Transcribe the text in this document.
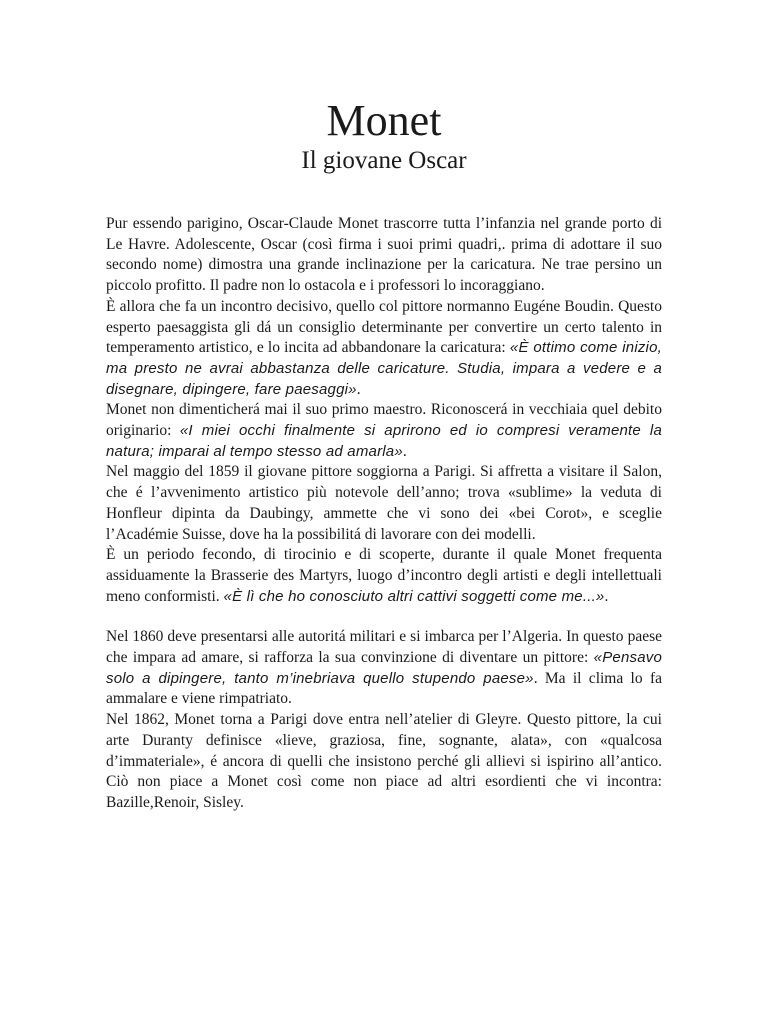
Monet
Il giovane Oscar

Pur essendo parigino, Oscar-Claude Monet trascorre tutta l’infanzia nel grande porto di Le Havre. Adolescente, Oscar (così firma i suoi primi quadri,. prima di adottare il suo secondo nome) dimostra una grande inclinazione per la caricatura. Ne trae persino un piccolo profitto. Il padre non lo ostacola e i professori lo incoraggiano.

È allora che fa un incontro decisivo, quello col pittore normanno Eugéne Boudin. Questo esperto paesaggista gli dá un consiglio determinante per convertire un certo talento in temperamento artistico, e lo incita ad abbandonare la caricatura: «È ottimo come inizio, ma presto ne avrai abbastanza delle caricature. Studia, impara a vedere e a disegnare, dipingere, fare paesaggi».

Monet non dimenticherá mai il suo primo maestro. Riconoscerá in vecchiaia quel debito originario: «I miei occhi finalmente si aprirono ed io compresi veramente la natura; imparai al tempo stesso ad amarla».

Nel maggio del 1859 il giovane pittore soggiorna a Parigi. Si affretta a visitare il Salon, che é l’avvenimento artistico più notevole dell’anno; trova «sublime» la veduta di Honfleur dipinta da Daubingy, ammette che vi sono dei «bei Corot», e sceglie l’Académie Suisse, dove ha la possibilitá di lavorare con dei modelli.

È un periodo fecondo, di tirocinio e di scoperte, durante il quale Monet frequenta assiduamente la Brasserie des Martyrs, luogo d’incontro degli artisti e degli intellettuali meno conformisti. «È lì che ho conosciuto altri cattivi soggetti come me...».

Nel 1860 deve presentarsi alle autoritá militari e si imbarca per l’Algeria. In questo paese che impara ad amare, si rafforza la sua convinzione di diventare un pittore: «Pensavo solo a dipingere, tanto m’inebriava quello stupendo paese». Ma il clima lo fa ammalare e viene rimpatriato.

Nel 1862, Monet torna a Parigi dove entra nell’atelier di Gleyre. Questo pittore, la cui arte Duranty definisce «lieve, graziosa, fine, sognante, alata», con «qualcosa d’immateriale», é ancora di quelli che insistono perché gli allievi si ispirino all’antico. Ciò non piace a Monet così come non piace ad altri esordienti che vi incontra: Bazille,Renoir, Sisley.
